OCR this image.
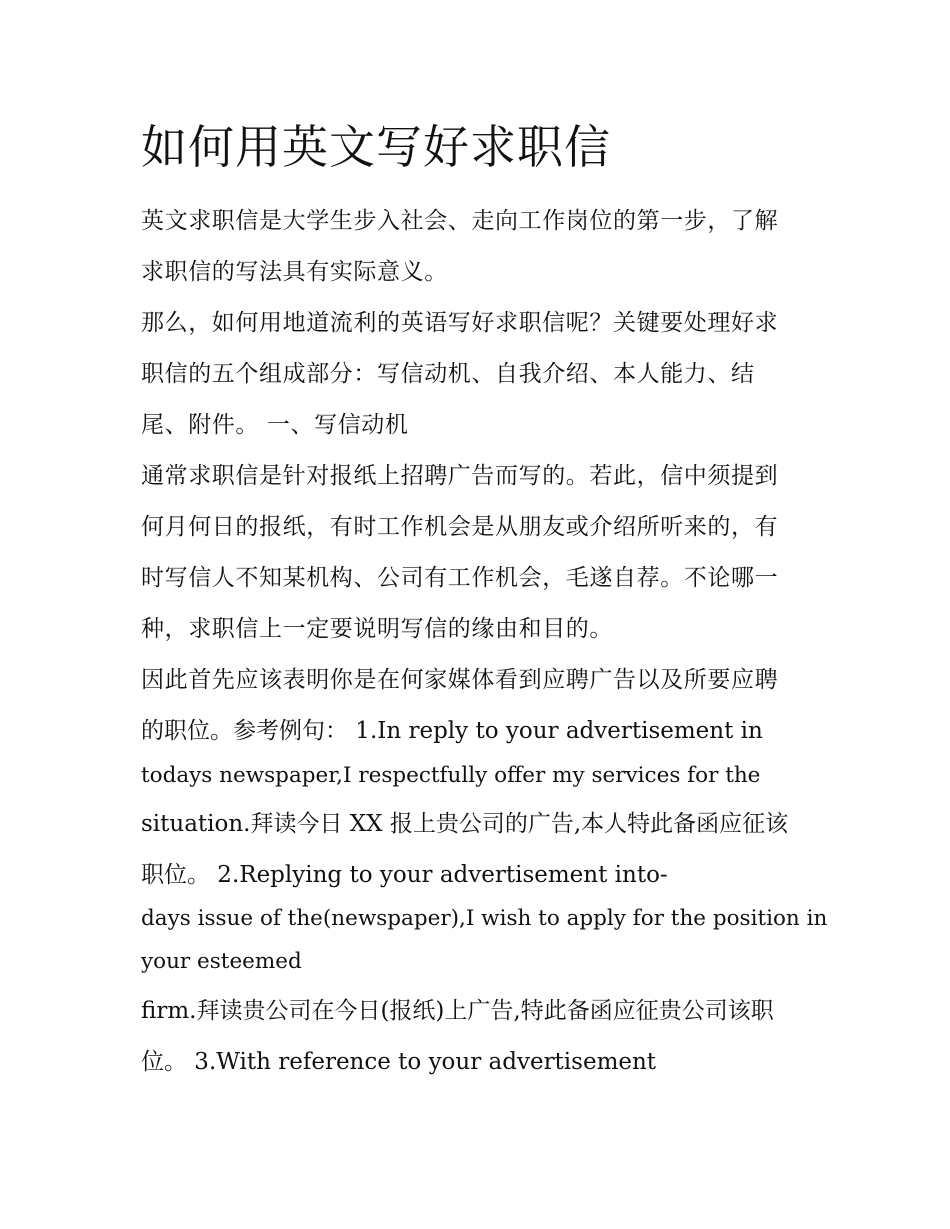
如何用英文写好求职信

英文求职信是大学生步入社会、走向工作岗位的第一步，了解

求职信的写法具有实际意义。

那么，如何用地道流利的英语写好求职信呢？关键要处理好求

职信的五个组成部分：写信动机、自我介绍、本人能力、结

尾、附件。 一、写信动机

通常求职信是针对报纸上招聘广告而写的。若此，信中须提到

何月何日的报纸，有时工作机会是从朋友或介绍所听来的，有

时写信人不知某机构、公司有工作机会，毛遂自荐。不论哪一

种，求职信上一定要说明写信的缘由和目的。

因此首先应该表明你是在何家媒体看到应聘广告以及所要应聘

的职位。参考例句： 1.In reply to your advertisement in

todays newspaper,I respectfully offer my services for the

situation.拜读今日 XX 报上贵公司的广告,本人特此备函应征该

职位。 2.Replying to your advertisement into-

days issue of the(newspaper),I wish to apply for the position in

your esteemed

firm.拜读贵公司在今日(报纸)上广告,特此备函应征贵公司该职

位。 3.With reference to your advertisement
